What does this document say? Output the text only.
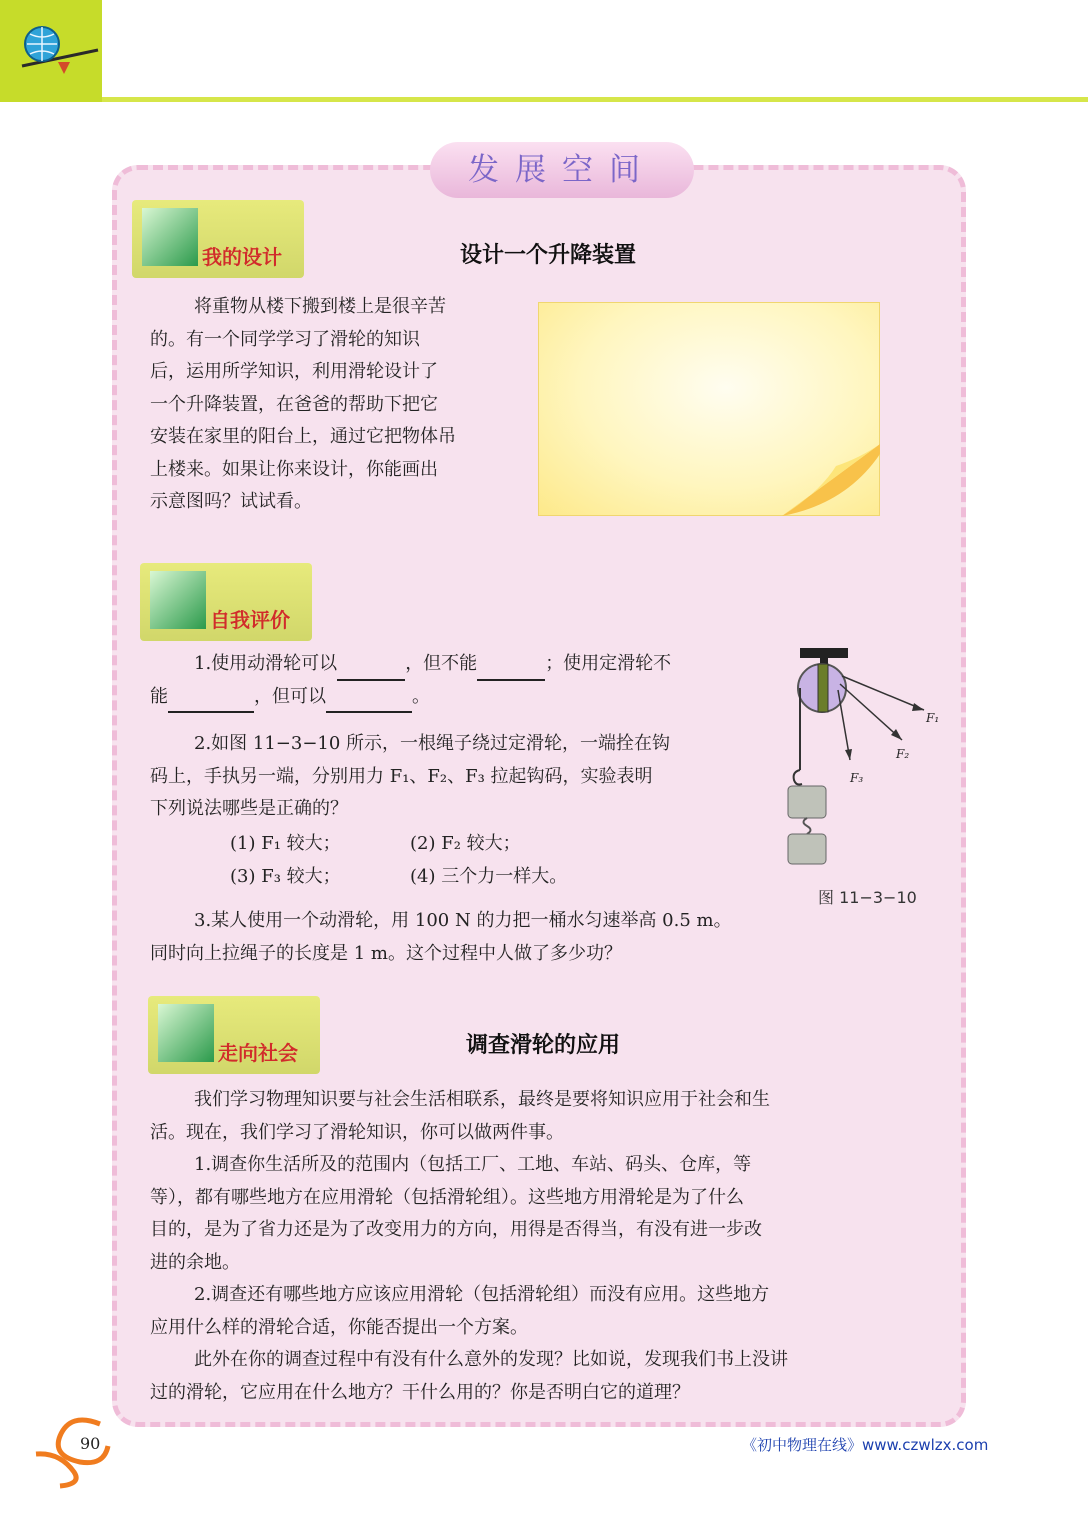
发展空间
我的设计	设计一个升降装置

将重物从楼下搬到楼上是很辛苦

的。有一个同学学习了滑轮的知识

后，运用所学知识，利用滑轮设计了

一个升降装置，在爸爸的帮助下把它

安装在家里的阳台上，通过它把物体吊

上楼来。如果让你来设计，你能画出

示意图吗？试试看。

自我评价

1.使用动滑轮可以	，但不能	；使用定滑轮不

能	，但可以	。

2.如图 11−3−10 所示，一根绳子绕过定滑轮，一端拴在钩

码上，手执另一端，分别用力 F₁、F₂、F₃ 拉起钩码，实验表明

下列说法哪些是正确的？

(1) F₁ 较大；	(2) F₂ 较大；
(3) F₃ 较大；	(4) 三个力一样大。
F₁
F₂
F₃
图 11−3−10

3.某人使用一个动滑轮，用 100 N 的力把一桶水匀速举高 0.5 m。

同时向上拉绳子的长度是 1 m。这个过程中人做了多少功？

走向社会	调查滑轮的应用

我们学习物理知识要与社会生活相联系，最终是要将知识应用于社会和生

活。现在，我们学习了滑轮知识，你可以做两件事。

1.调查你生活所及的范围内（包括工厂、工地、车站、码头、仓库，等

等），都有哪些地方在应用滑轮（包括滑轮组）。这些地方用滑轮是为了什么

目的，是为了省力还是为了改变用力的方向，用得是否得当，有没有进一步改

进的余地。

2.调查还有哪些地方应该应用滑轮（包括滑轮组）而没有应用。这些地方

应用什么样的滑轮合适，你能否提出一个方案。

此外在你的调查过程中有没有什么意外的发现？比如说，发现我们书上没讲

过的滑轮，它应用在什么地方？干什么用的？你是否明白它的道理？

90	《初中物理在线》www.czwlzx.com
